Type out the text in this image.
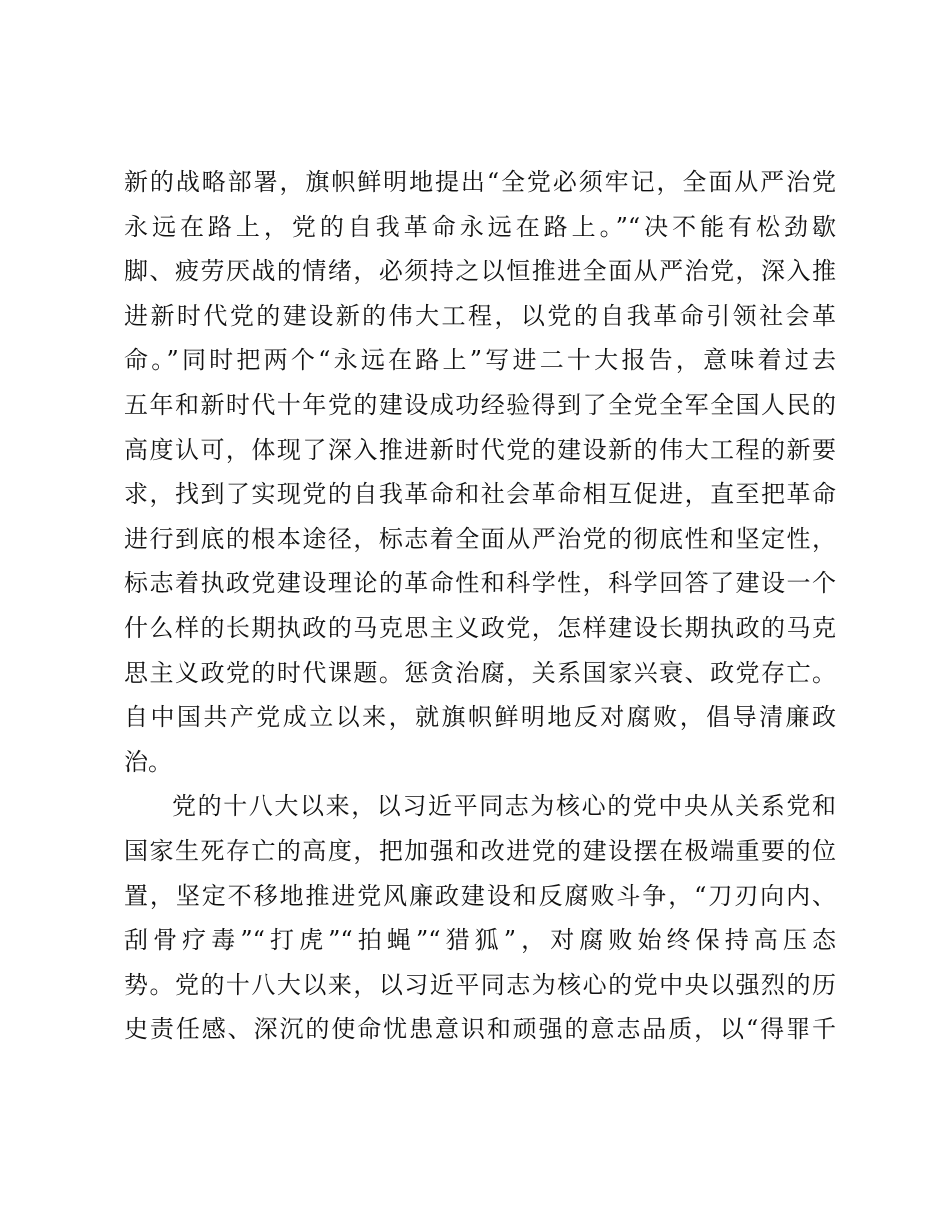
新的战略部署，旗帜鲜明地提出“全党必须牢记，全面从严治党
永远在路上，党的自我革命永远在路上。”“决不能有松劲歇
脚、疲劳厌战的情绪，必须持之以恒推进全面从严治党，深入推
进新时代党的建设新的伟大工程，以党的自我革命引领社会革
命。”同时把两个“永远在路上”写进二十大报告，意味着过去
五年和新时代十年党的建设成功经验得到了全党全军全国人民的
高度认可，体现了深入推进新时代党的建设新的伟大工程的新要
求，找到了实现党的自我革命和社会革命相互促进，直至把革命
进行到底的根本途径，标志着全面从严治党的彻底性和坚定性，
标志着执政党建设理论的革命性和科学性，科学回答了建设一个
什么样的长期执政的马克思主义政党，怎样建设长期执政的马克
思主义政党的时代课题。惩贪治腐，关系国家兴衰、政党存亡。
自中国共产党成立以来，就旗帜鲜明地反对腐败，倡导清廉政
治。
党的十八大以来，以习近平同志为核心的党中央从关系党和
国家生死存亡的高度，把加强和改进党的建设摆在极端重要的位
置，坚定不移地推进党风廉政建设和反腐败斗争，“刀刃向内、
刮骨疗毒”“打虎”“拍蝇”“猎狐”，对腐败始终保持高压态
势。党的十八大以来，以习近平同志为核心的党中央以强烈的历
史责任感、深沉的使命忧患意识和顽强的意志品质，以“得罪千
